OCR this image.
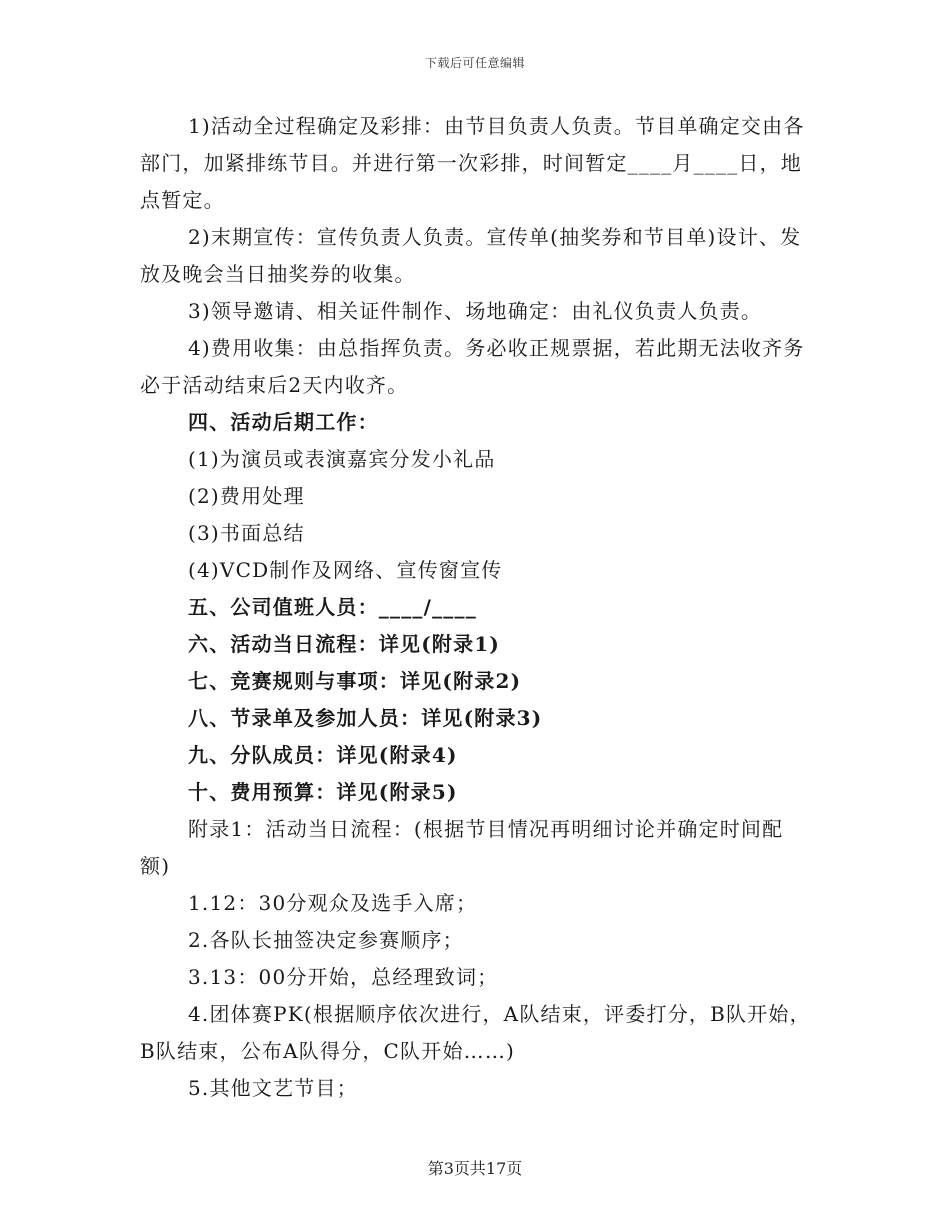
下载后可任意编辑

1)活动全过程确定及彩排：由节目负责人负责。节目单确定交由各部门，加紧排练节目。并进行第一次彩排，时间暂定____月____日，地点暂定。

2)末期宣传：宣传负责人负责。宣传单(抽奖券和节目单)设计、发放及晚会当日抽奖券的收集。

3)领导邀请、相关证件制作、场地确定：由礼仪负责人负责。

4)费用收集：由总指挥负责。务必收正规票据，若此期无法收齐务必于活动结束后2天内收齐。

四、活动后期工作：

(1)为演员或表演嘉宾分发小礼品

(2)费用处理

(3)书面总结

(4)VCD制作及网络、宣传窗宣传

五、公司值班人员：____/____

六、活动当日流程：详见(附录1)

七、竞赛规则与事项：详见(附录2)

八、节录单及参加人员：详见(附录3)

九、分队成员：详见(附录4)

十、费用预算：详见(附录5)

附录1：活动当日流程：(根据节目情况再明细讨论并确定时间配额)

1.12：30分观众及选手入席；

2.各队长抽签决定参赛顺序；

3.13：00分开始，总经理致词；

4.团体赛PK(根据顺序依次进行，A队结束，评委打分，B队开始，B队结束，公布A队得分，C队开始……)

5.其他文艺节目；

第3页共17页
